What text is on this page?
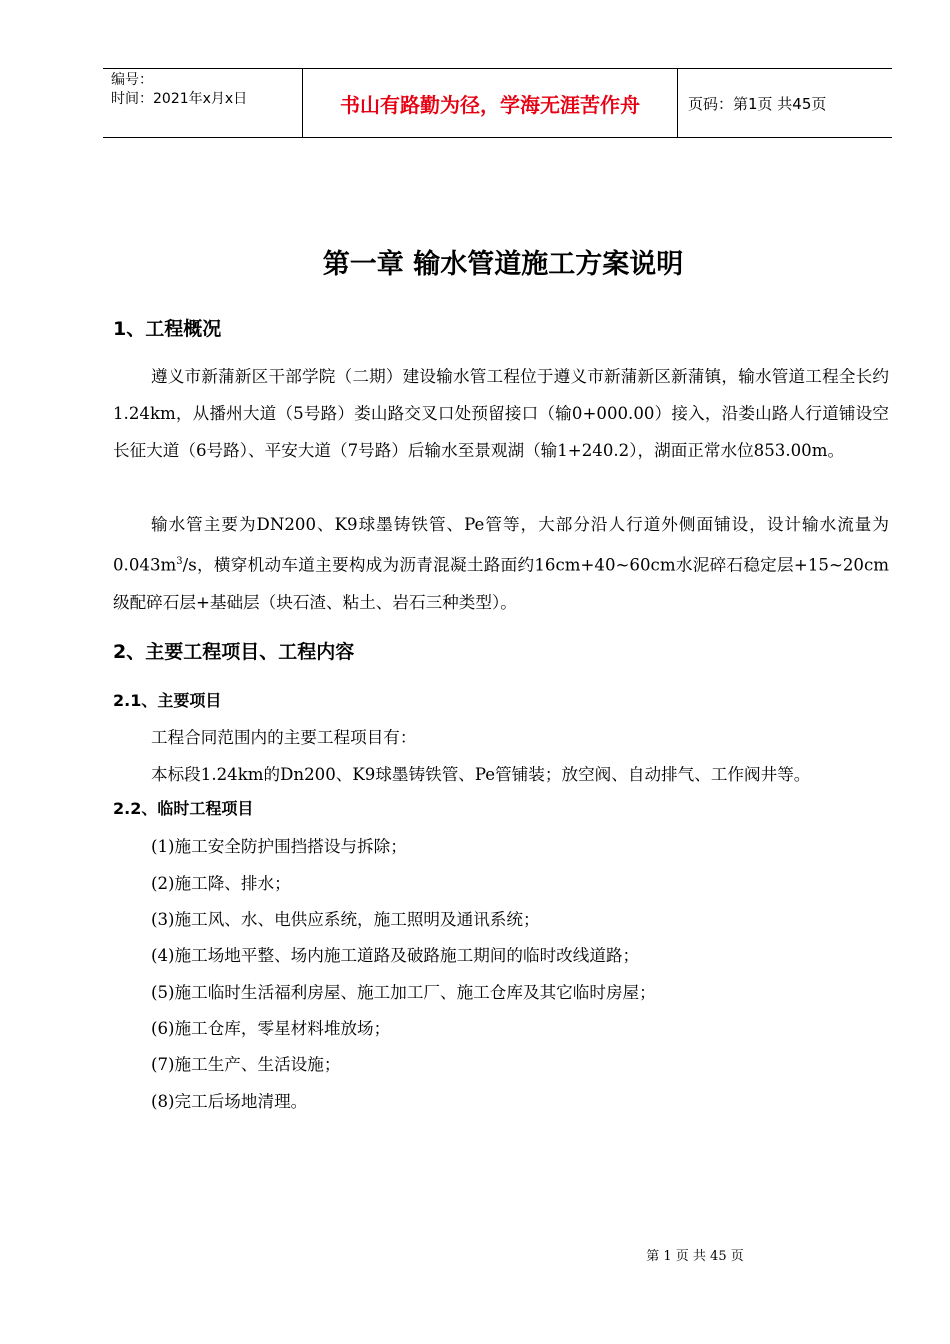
编号：
时间：2021年x月x日	书山有路勤为径，学海无涯苦作舟	页码：第1页 共45页
第一章 输水管道施工方案说明
1、工程概况
遵义市新蒲新区干部学院（二期）建设输水管工程位于遵义市新蒲新区新蒲镇，输水管道工程全长约1.24km，从播州大道（5号路）娄山路交叉口处预留接口（输0+000.00）接入，沿娄山路人行道铺设空长征大道（6号路）、平安大道（7号路）后输水至景观湖（输1+240.2），湖面正常水位853.00m。
输水管主要为DN200、K9球墨铸铁管、Pe管等，大部分沿人行道外侧面铺设，设计输水流量为$0.043m^3/s$，横穿机动车道主要构成为沥青混凝土路面约16cm+40~60cm水泥碎石稳定层+15~20cm级配碎石层+基础层（块石渣、粘土、岩石三种类型）。
2、主要工程项目、工程内容
2.1、主要项目
工程合同范围内的主要工程项目有：
本标段1.24km的Dn200、K9球墨铸铁管、Pe管铺装；放空阀、自动排气、工作阀井等。
2.2、临时工程项目
(1)施工安全防护围挡搭设与拆除；
(2)施工降、排水；
(3)施工风、水、电供应系统，施工照明及通讯系统；
(4)施工场地平整、场内施工道路及破路施工期间的临时改线道路；
(5)施工临时生活福利房屋、施工加工厂、施工仓库及其它临时房屋；
(6)施工仓库，零星材料堆放场；
(7)施工生产、生活设施；
(8)完工后场地清理。
第 1 页 共 45 页
